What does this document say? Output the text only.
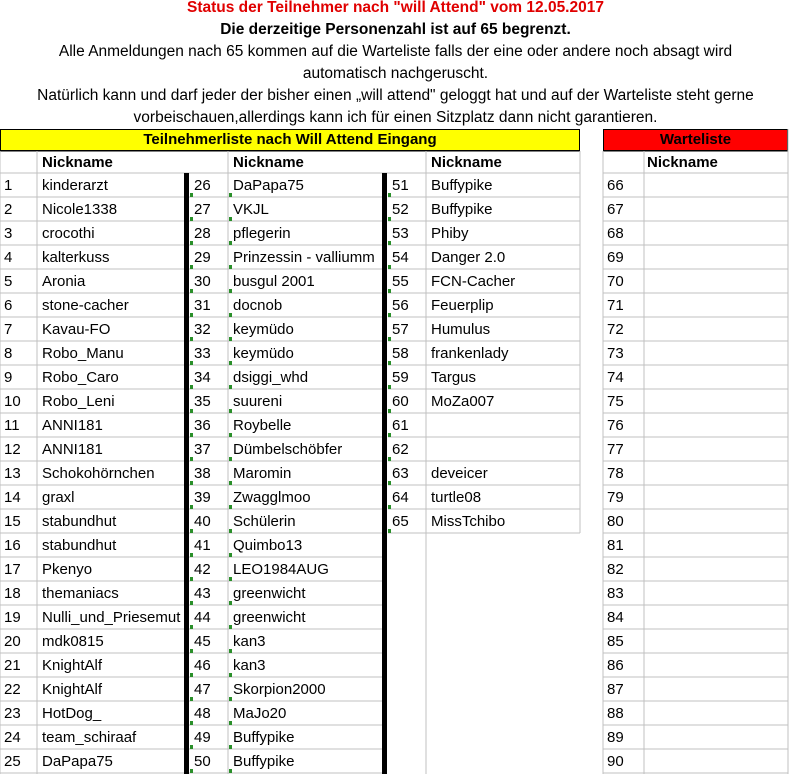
Status der Teilnehmer nach "will Attend" vom 12.05.2017
Die derzeitige Personenzahl ist auf 65 begrenzt.
Alle Anmeldungen nach 65 kommen auf die Warteliste falls der eine oder andere noch absagt wird
automatisch nachgeruscht.
Natürlich kann und darf jeder der bisher einen „will attend" geloggt hat und auf der Warteliste steht gerne
vorbeischauen,allerdings kann ich für einen Sitzplatz dann nicht garantieren.
Teilnehmerliste nach Will Attend Eingang	Warteliste
Nickname	Nickname	Nickname	Nickname
1	kinderarzt	26	DaPapa75	51	Buffypike
2	Nicole1338	27	VKJL	52	Buffypike
3	crocothi	28	pflegerin	53	Phiby
4	kalterkuss	29	Prinzessin - valliumm	54	Danger 2.0
5	Aronia	30	busgul 2001	55	FCN-Cacher
6	stone-cacher	31	docnob	56	Feuerplip
7	Kavau-FO	32	keymüdo	57	Humulus
8	Robo_Manu	33	keymüdo	58	frankenlady
9	Robo_Caro	34	dsiggi_whd	59	Targus
10	Robo_Leni	35	suureni	60	MoZa007
11	ANNI181	36	Roybelle	61
12	ANNI181	37	Dümbelschöbfer	62
13	Schokohörnchen	38	Maromin	63	deveicer
14	graxl	39	Zwagglmoo	64	turtle08
15	stabundhut	40	Schülerin	65	MissTchibo
16	stabundhut	41	Quimbo13
17	Pkenyo	42	LEO1984AUG
18	themaniacs	43	greenwicht
19	Nulli_und_Priesemut 44	greenwicht
20	mdk0815	45	kan3
21	KnightAlf	46	kan3
22	KnightAlf	47	Skorpion2000
23	HotDog_	48	MaJo20
24	team_schiraaf	49	Buffypike
25	DaPapa75	50	Buffypike
66
67
68
69
70
71
72
73
74
75
76
77
78
79
80
81
82
83
84
85
86
87
88
89
90
